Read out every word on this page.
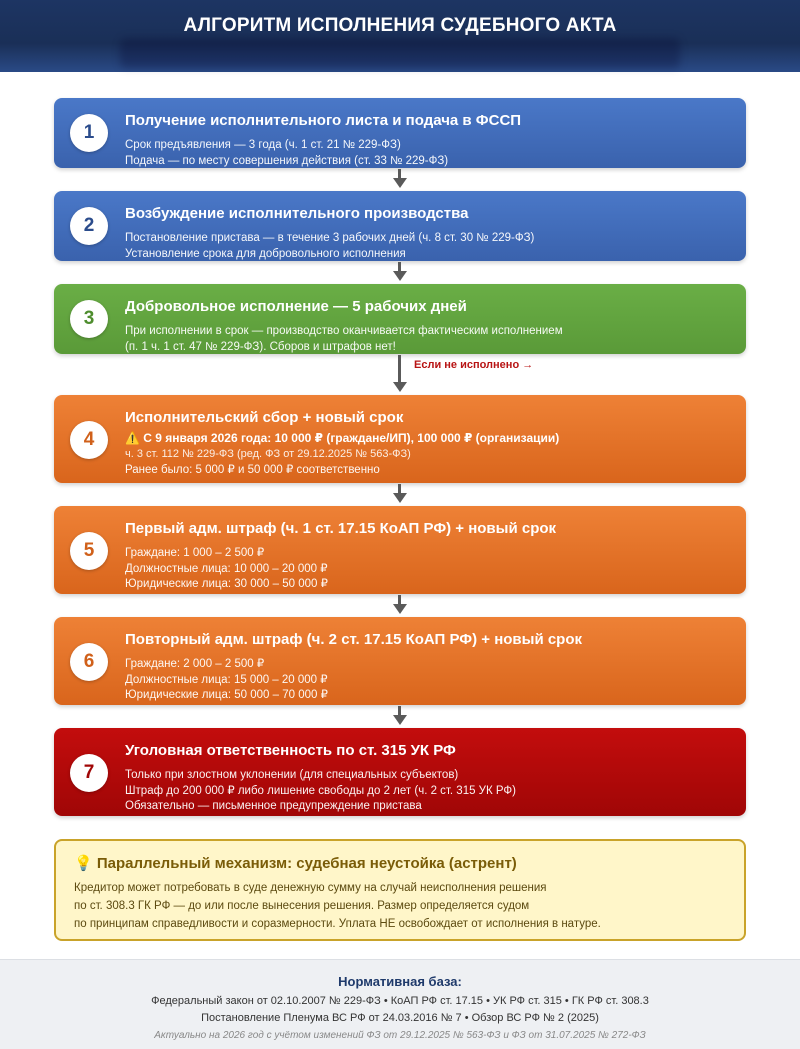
АЛГОРИТМ ИСПОЛНЕНИЯ СУДЕБНОГО АКТА
1
Получение исполнительного листа и подача в ФССП
Срок предъявления — 3 года (ч. 1 ст. 21 № 229-ФЗ)
Подача — по месту совершения действия (ст. 33 № 229-ФЗ)
2
Возбуждение исполнительного производства
Постановление пристава — в течение 3 рабочих дней (ч. 8 ст. 30 № 229-ФЗ)
Установление срока для добровольного исполнения
3
Добровольное исполнение — 5 рабочих дней
При исполнении в срок — производство оканчивается фактическим исполнением
(п. 1 ч. 1 ст. 47 № 229-ФЗ). Сборов и штрафов нет!
Если не исполнено →
4
Исполнительский сбор + новый срок
⚠️ С 9 января 2026 года: 10 000 ₽ (граждане/ИП), 100 000 ₽ (организации)
ч. 3 ст. 112 № 229-ФЗ (ред. ФЗ от 29.12.2025 № 563-ФЗ)
Ранее было: 5 000 ₽ и 50 000 ₽ соответственно
5
Первый адм. штраф (ч. 1 ст. 17.15 КоАП РФ) + новый срок
Граждане: 1 000 – 2 500 ₽
Должностные лица: 10 000 – 20 000 ₽
Юридические лица: 30 000 – 50 000 ₽
6
Повторный адм. штраф (ч. 2 ст. 17.15 КоАП РФ) + новый срок
Граждане: 2 000 – 2 500 ₽
Должностные лица: 15 000 – 20 000 ₽
Юридические лица: 50 000 – 70 000 ₽
7
Уголовная ответственность по ст. 315 УК РФ
Только при злостном уклонении (для специальных субъектов)
Штраф до 200 000 ₽ либо лишение свободы до 2 лет (ч. 2 ст. 315 УК РФ)
Обязательно — письменное предупреждение пристава
💡 Параллельный механизм: судебная неустойка (астрент)
Кредитор может потребовать в суде денежную сумму на случай неисполнения решения
по ст. 308.3 ГК РФ — до или после вынесения решения. Размер определяется судом
по принципам справедливости и соразмерности. Уплата НЕ освобождает от исполнения в натуре.
Нормативная база:
Федеральный закон от 02.10.2007 № 229-ФЗ • КоАП РФ ст. 17.15 • УК РФ ст. 315 • ГК РФ ст. 308.3
Постановление Пленума ВС РФ от 24.03.2016 № 7 • Обзор ВС РФ № 2 (2025)
Актуально на 2026 год с учётом изменений ФЗ от 29.12.2025 № 563-ФЗ и ФЗ от 31.07.2025 № 272-ФЗ
